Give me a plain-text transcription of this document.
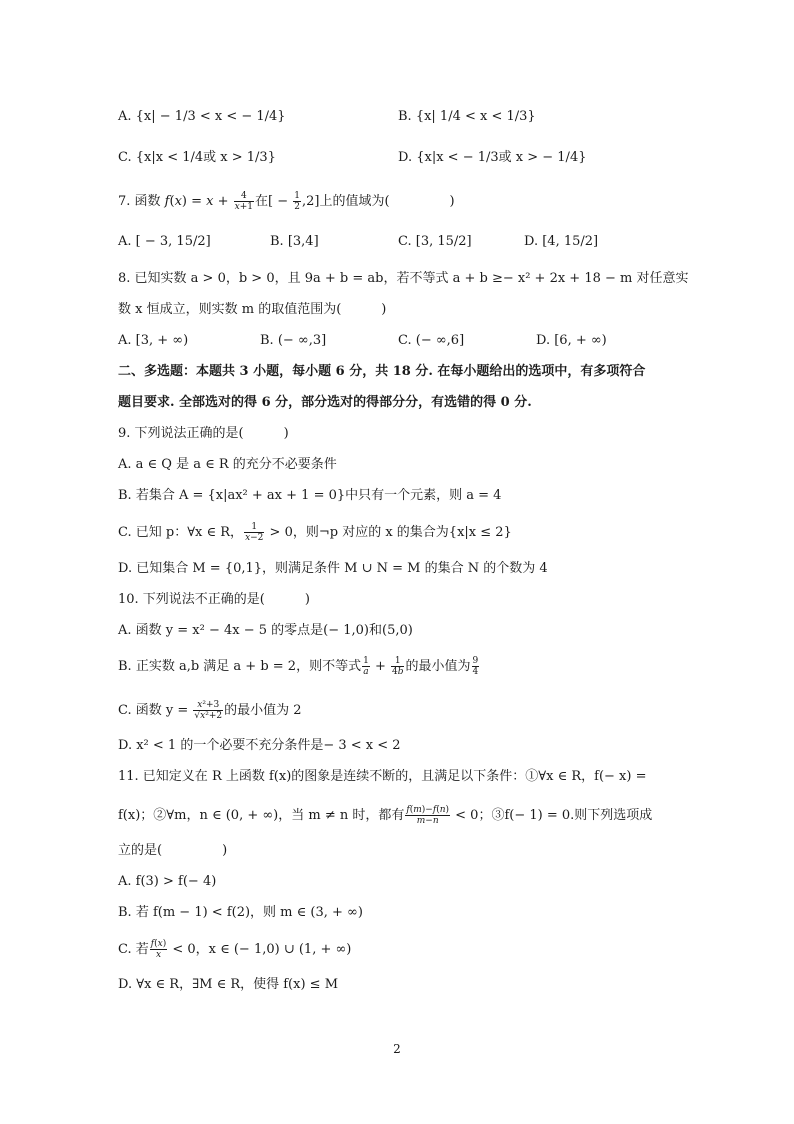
A. {x| − 1/3 < x < − 1/4}	B. {x| 1/4 < x < 1/3}
C. {x|x < 1/4或 x > 1/3}	D. {x|x < − 1/3或 x > − 1/4}
7. 函数 $f(x) = x + \frac{4}{x+1}$ 在[ − $\frac{1}{2} ,2$]上的值域为(	)
A. [ − 3, 15/2]	B. [3,4]	C. [3, 15/2]	D. [4, 15/2]
8. 已知实数 a > 0，b > 0，且 9a + b = ab，若不等式 a + b ≥− x² + 2x + 18 − m 对任意实
数 x 恒成立，则实数 m 的取值范围为(	)
A. [3, + ∞)	B. (− ∞,3]	C. (− ∞,6]	D. [6, + ∞)
二、多选题：本题共 3 小题，每小题 6 分，共 18 分. 在每小题给出的选项中，有多项符合
题目要求. 全部选对的得 6 分，部分选对的得部分分，有选错的得 0 分.
9. 下列说法正确的是(	)
A. a ∈ Q 是 a ∈ R 的充分不必要条件
B. 若集合 A = {x|ax² + ax + 1 = 0}中只有一个元素，则 a = 4
C. 已知 p：∀x ∈ R， $\frac{1}{x-2} > 0$，则¬p 对应的 x 的集合为{x|x ≤ 2}
D. 已知集合 M = {0,1}，则满足条件 M ∪ N = M 的集合 N 的个数为 4
10. 下列说法不正确的是(	)
A. 函数 y = x² − 4x − 5 的零点是(− 1,0)和(5,0)
B. 正实数 a,b 满足 a + b = 2，则不等式 $\frac{1}{a} + \frac{1}{4b}$ 的最小值为 $\frac{9}{4}$
C. 函数 $y = \frac{\text{x²+3}}{\text{√x²+2}}$ 的最小值为 2
D. x² < 1 的一个必要不充分条件是− 3 < x < 2
11. 已知定义在 R 上函数 f(x)的图象是连续不断的，且满足以下条件：①∀x ∈ R，f(− x) =
f(x)；②∀m，n ∈ (0, + ∞)，当 m ≠ n 时，都有 $\frac{f(m)-f(n)}{m-n} < 0$；③f(− 1) = 0.则下列选项成
立的是(	)
A. f(3) > f(− 4)
B. 若 f(m − 1) < f(2)，则 m ∈ (3, + ∞)
C. 若 $\frac{f(x)}{x} < 0$，x ∈ (− 1,0) ∪ (1, + ∞)
D. ∀x ∈ R，∃M ∈ R，使得 f(x) ≤ M
2
